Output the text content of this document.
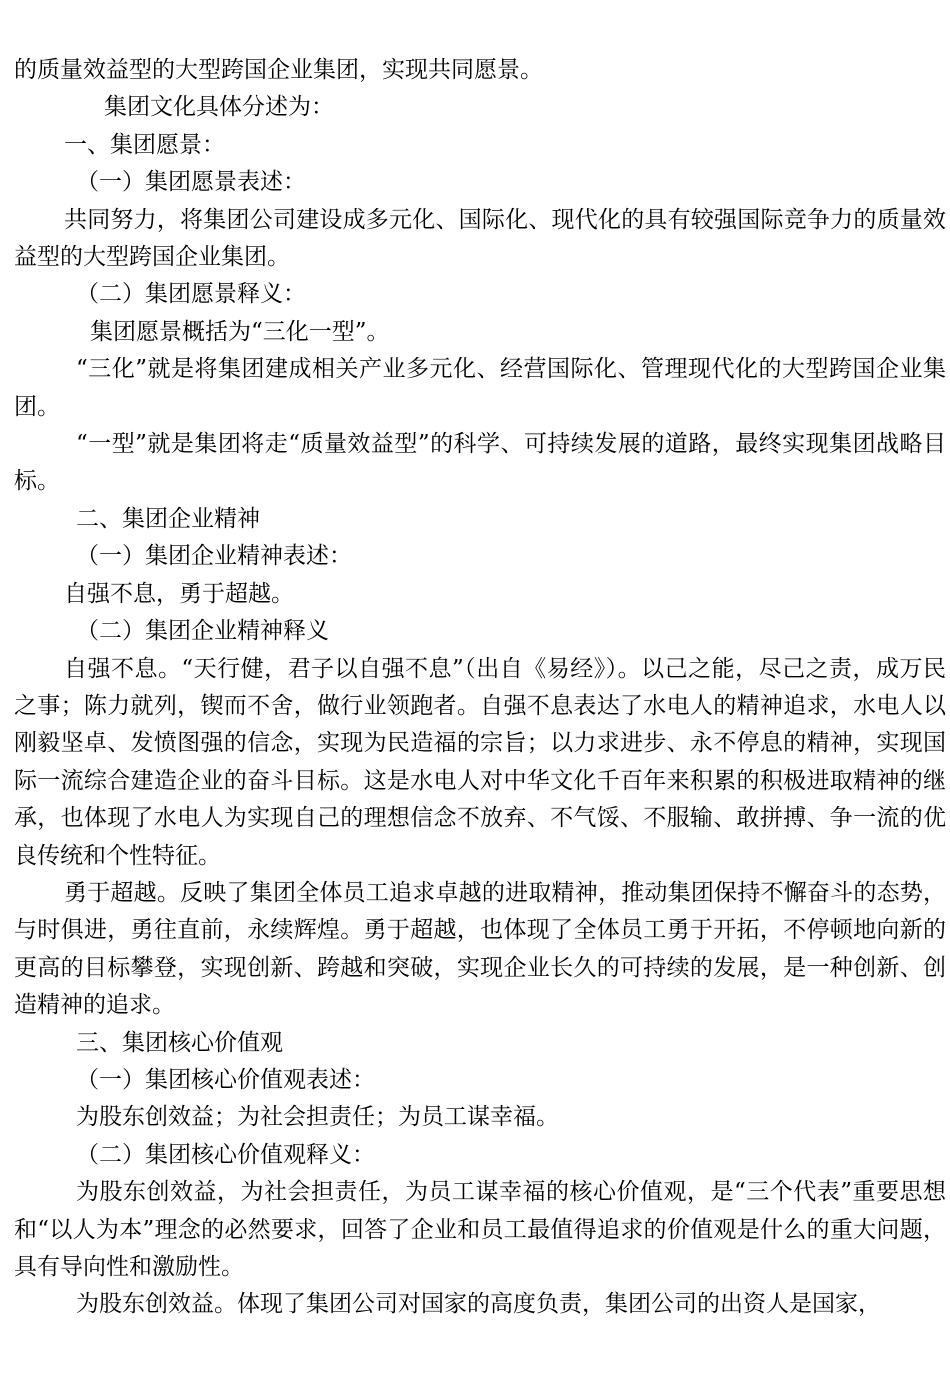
的质量效益型的大型跨国企业集团，实现共同愿景。

集团文化具体分述为：

一、集团愿景：

（一）集团愿景表述：

共同努力，将集团公司建设成多元化、国际化、现代化的具有较强国际竞争力的质量效益型的大型跨国企业集团。

（二）集团愿景释义：

集团愿景概括为“三化一型”。

“三化”就是将集团建成相关产业多元化、经营国际化、管理现代化的大型跨国企业集团。

“一型”就是集团将走“质量效益型”的科学、可持续发展的道路，最终实现集团战略目标。

二、集团企业精神

（一）集团企业精神表述：

自强不息，勇于超越。

（二）集团企业精神释义

自强不息。“天行健，君子以自强不息”（出自《易经》）。以己之能，尽己之责，成万民之事；陈力就列，锲而不舍，做行业领跑者。自强不息表达了水电人的精神追求，水电人以刚毅坚卓、发愤图强的信念，实现为民造福的宗旨；以力求进步、永不停息的精神，实现国际一流综合建造企业的奋斗目标。这是水电人对中华文化千百年来积累的积极进取精神的继承，也体现了水电人为实现自己的理想信念不放弃、不气馁、不服输、敢拼搏、争一流的优良传统和个性特征。

勇于超越。反映了集团全体员工追求卓越的进取精神，推动集团保持不懈奋斗的态势，与时俱进，勇往直前，永续辉煌。勇于超越，也体现了全体员工勇于开拓，不停顿地向新的更高的目标攀登，实现创新、跨越和突破，实现企业长久的可持续的发展，是一种创新、创造精神的追求。

三、集团核心价值观

（一）集团核心价值观表述：

为股东创效益；为社会担责任；为员工谋幸福。

（二）集团核心价值观释义：

为股东创效益，为社会担责任，为员工谋幸福的核心价值观，是“三个代表”重要思想和“以人为本”理念的必然要求，回答了企业和员工最值得追求的价值观是什么的重大问题，具有导向性和激励性。

为股东创效益。体现了集团公司对国家的高度负责，集团公司的出资人是国家，
